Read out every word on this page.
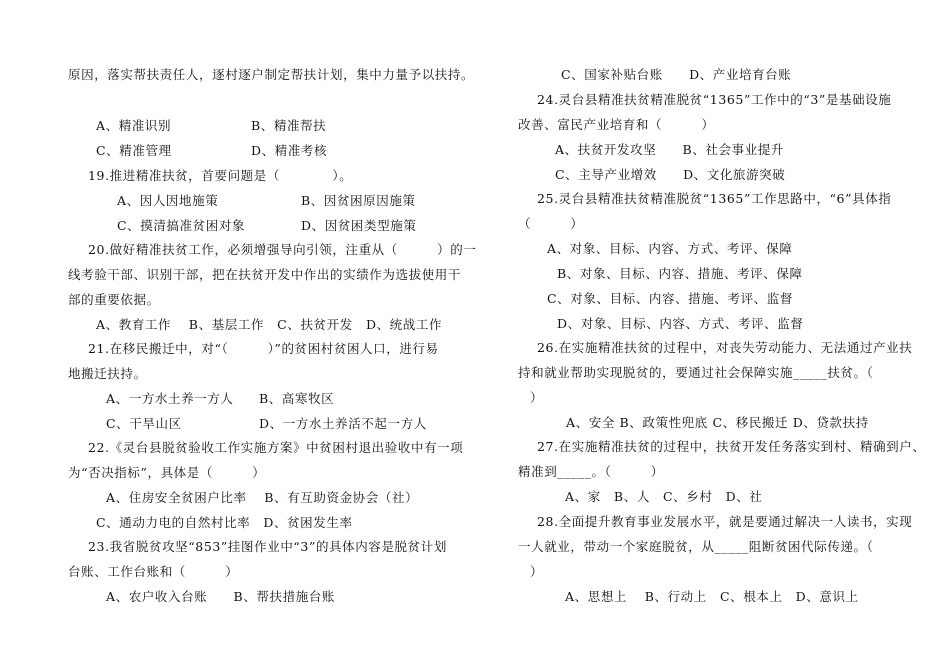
原因，落实帮扶责任人，逐村逐户制定帮扶计划，集中力量予以扶持。
A、精准识别	B、精准帮扶
C、精准管理	D、精准考核
19.推进精准扶贫，首要问题是（　　　　）。
A、因人因地施策	B、因贫困原因施策
C、摸清搞准贫困对象	D、因贫困类型施策
20.做好精准扶贫工作，必须增强导向引领，注重从（　　　）的一
线考验干部、识别干部，把在扶贫开发中作出的实绩作为选拔使用干
部的重要依据。
A、教育工作　 B、基层工作　C、扶贫开发　D、统战工作
21.在移民搬迁中，对“（　　　）”的贫困村贫困人口，进行易
地搬迁扶持。
A、一方水土养一方人 B、高寒牧区
C、干旱山区	D、一方水土养活不起一方人
22.《灵台县脱贫验收工作实施方案》中贫困村退出验收中有一项
为“否决指标”，具体是（　　　）
A、住房安全贫困户比率　 B、有互助资金协会（社）
C、通动力电的自然村比率　D、贫困发生率
23.我省脱贫攻坚“853”挂图作业中“3”的具体内容是脱贫计划
台账、工作台账和（　　　）
A、农户收入台账　　B、帮扶措施台账
C、国家补贴台账　　D、产业培育台账
24.灵台县精准扶贫精准脱贫“1365”工作中的“3”是基础设施
改善、富民产业培育和（　　　）
A、扶贫开发攻坚　　B、社会事业提升
C、主导产业增效　　D、文化旅游突破
25.灵台县精准扶贫精准脱贫“1365”工作思路中，“6”具体指
（　　　）
A、对象、目标、内容、方式、考评、保障
B、对象、目标、内容、措施、考评、保障
C、对象、目标、内容、措施、考评、监督
D、对象、目标、内容、方式、考评、监督
26.在实施精准扶贫的过程中，对丧失劳动能力、无法通过产业扶
持和就业帮助实现脱贫的，要通过社会保障实施_____扶贫。（
）
A、安全 B、政策性兜底 C、移民搬迁 D、贷款扶持
27.在实施精准扶贫的过程中，扶贫开发任务落实到村、精确到户、
精准到_____。（　　　）
A、家　B、人　C、乡村　D、社
28.全面提升教育事业发展水平，就是要通过解决一人读书，实现
一人就业，带动一个家庭脱贫，从_____阻断贫困代际传递。（
）
A、思想上　 B、行动上　C、根本上　D、意识上
